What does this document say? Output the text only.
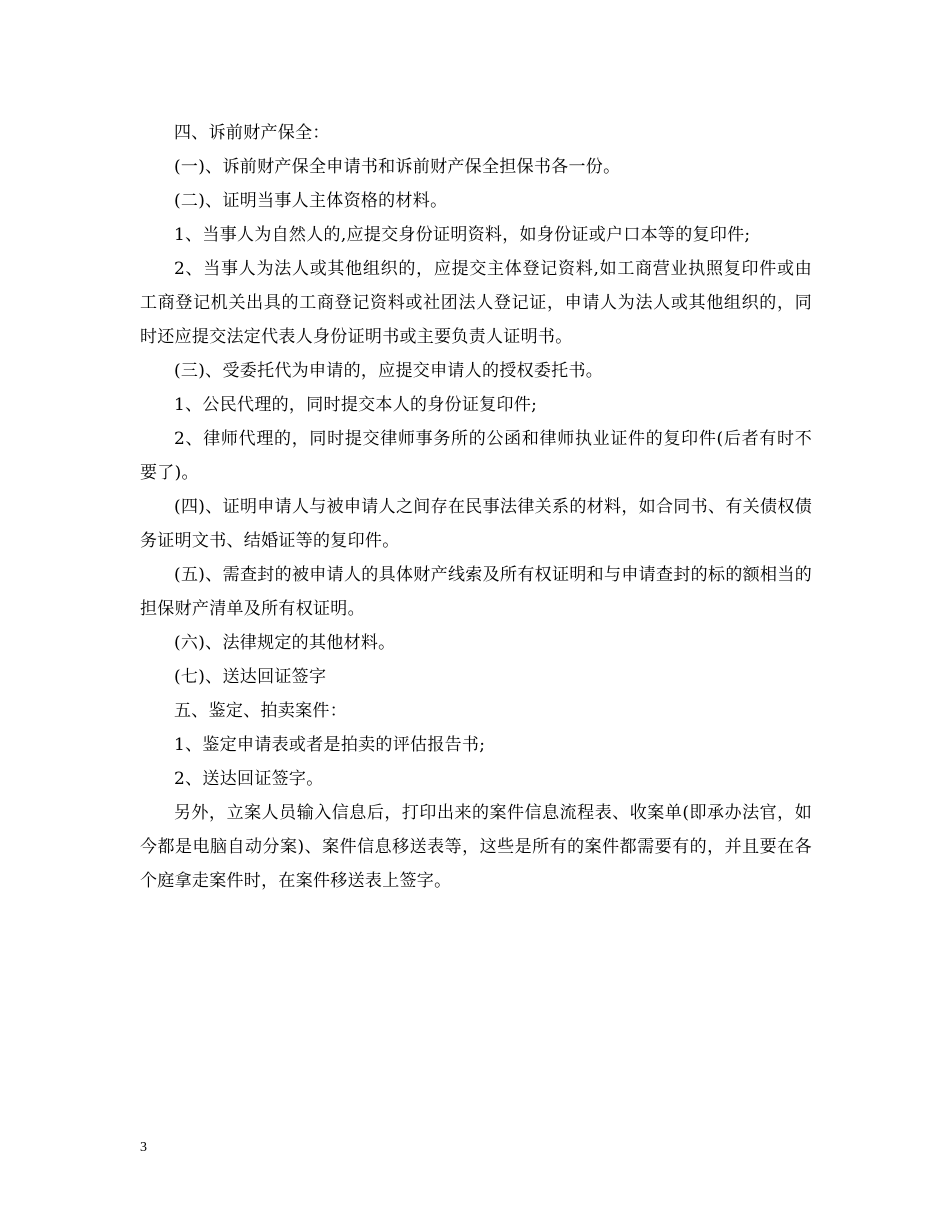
四、诉前财产保全：

(一)、诉前财产保全申请书和诉前财产保全担保书各一份。

(二)、证明当事人主体资格的材料。

1、当事人为自然人的,应提交身份证明资料，如身份证或户口本等的复印件;

2、当事人为法人或其他组织的，应提交主体登记资料,如工商营业执照复印件或由工商登记机关出具的工商登记资料或社团法人登记证，申请人为法人或其他组织的，同时还应提交法定代表人身份证明书或主要负责人证明书。

(三)、受委托代为申请的，应提交申请人的授权委托书。

1、公民代理的，同时提交本人的身份证复印件;

2、律师代理的，同时提交律师事务所的公函和律师执业证件的复印件(后者有时不要了)。

(四)、证明申请人与被申请人之间存在民事法律关系的材料，如合同书、有关债权债务证明文书、结婚证等的复印件。

(五)、需查封的被申请人的具体财产线索及所有权证明和与申请查封的标的额相当的担保财产清单及所有权证明。

(六)、法律规定的其他材料。

(七)、送达回证签字

五、鉴定、拍卖案件：

1、鉴定申请表或者是拍卖的评估报告书;

2、送达回证签字。

另外，立案人员输入信息后，打印出来的案件信息流程表、收案单(即承办法官，如今都是电脑自动分案)、案件信息移送表等，这些是所有的案件都需要有的，并且要在各个庭拿走案件时，在案件移送表上签字。

3
